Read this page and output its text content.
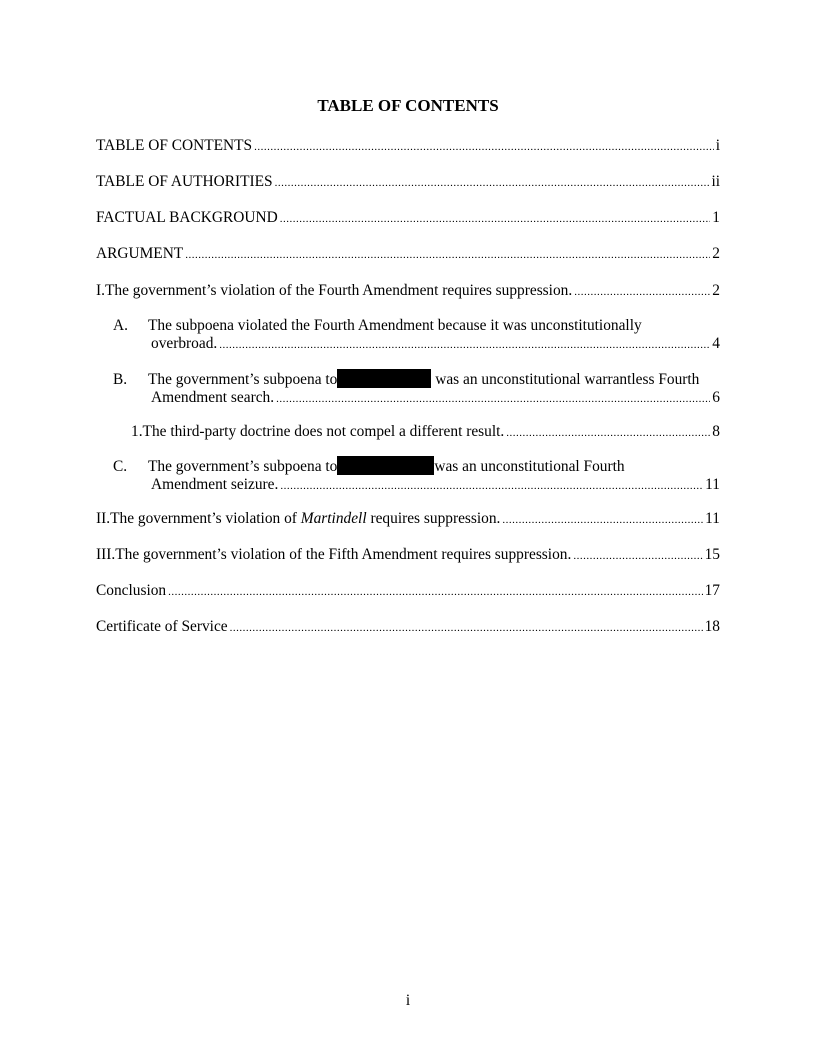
TABLE OF CONTENTS
TABLE OF CONTENTS .....	i
TABLE OF AUTHORITIES .....	ii
FACTUAL BACKGROUND .....	1
ARGUMENT .....	2
I. The government’s violation of the Fourth Amendment requires suppression. .....	2
A. The subpoena violated the Fourth Amendment because it was unconstitutionally
overbroad. .....	4
B. The government’s subpoena to	was an unconstitutional warrantless Fourth
Amendment search. .....	6
1. The third-party doctrine does not compel a different result. .....	8
C. The government’s subpoena to	was an unconstitutional Fourth
Amendment seizure. .....	11
II. The government’s violation of
Martindell
requires suppression. .....	11
III. The government’s violation of the Fifth Amendment requires suppression. .....	15
Conclusion .....	17
Certificate of Service .....	18
i
